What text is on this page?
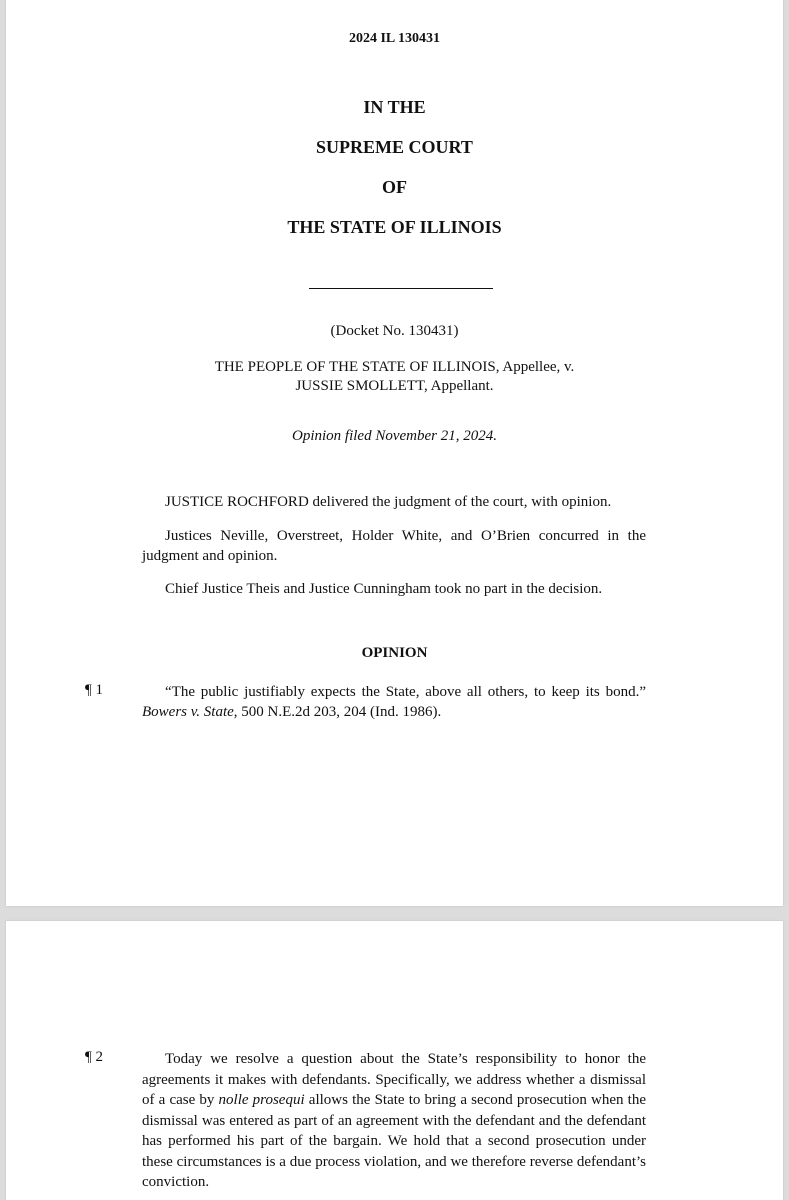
2024 IL 130431
IN THE
SUPREME COURT
OF
THE STATE OF ILLINOIS
(Docket No. 130431)
THE PEOPLE OF THE STATE OF ILLINOIS, Appellee, v.
JUSSIE SMOLLETT, Appellant.
Opinion filed November 21, 2024.
JUSTICE ROCHFORD delivered the judgment of the court, with opinion.
Justices Neville, Overstreet, Holder White, and O’Brien concurred in the judgment and opinion.
Chief Justice Theis and Justice Cunningham took no part in the decision.
OPINION
¶ 1	“The public justifiably expects the State, above all others, to keep its bond.” Bowers v. State, 500 N.E.2d 203, 204 (Ind. 1986).
¶ 2	Today we resolve a question about the State’s responsibility to honor the agreements it makes with defendants. Specifically, we address whether a dismissal of a case by nolle prosequi allows the State to bring a second prosecution when the dismissal was entered as part of an agreement with the defendant and the defendant has performed his part of the bargain. We hold that a second prosecution under these circumstances is a due process violation, and we therefore reverse defendant’s conviction.
